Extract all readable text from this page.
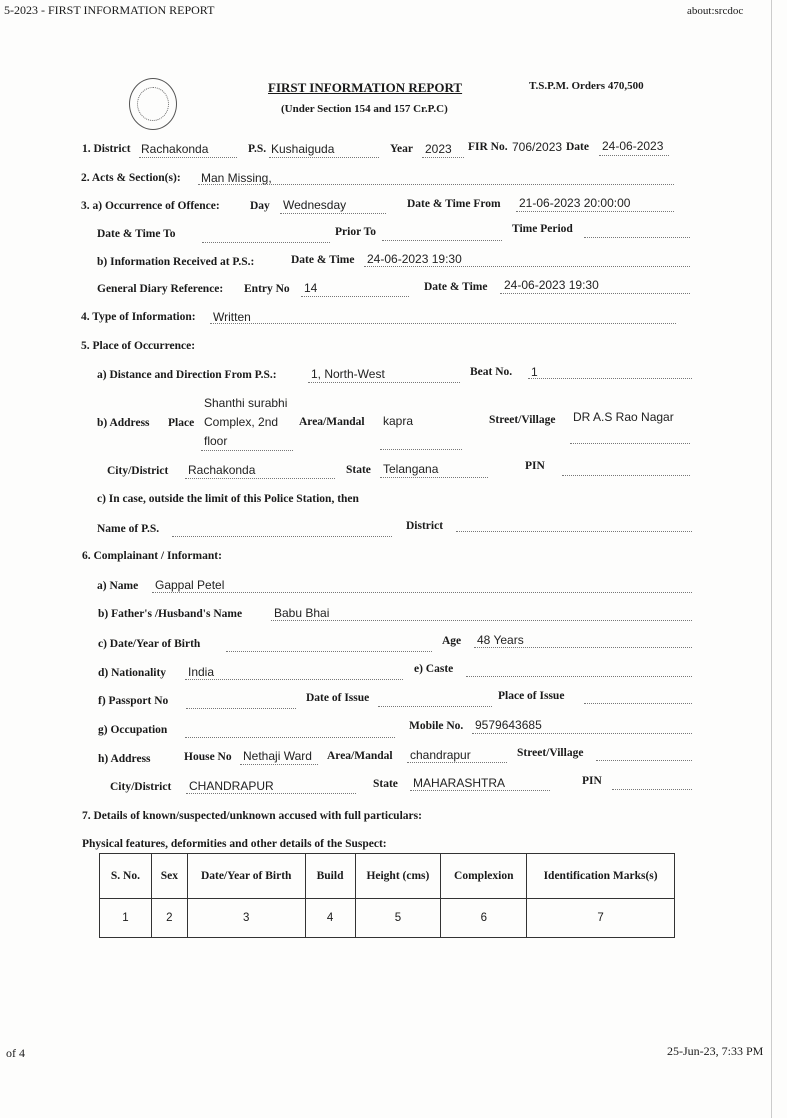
5-2023 - FIRST INFORMATION REPORT	about:srcdoc
of 4	25-Jun-23, 7:33 PM
FIRST INFORMATION REPORT
(Under Section 154 and 157 Cr.P.C)
T.S.P.M. Orders 470,500
1. District Rachakonda	P.S. Kushaiguda	Year 2023 FIR No. 706/2023 Date 24-06-2023
2. Acts & Section(s): Man Missing,
3. a) Occurrence of Offence:	Day Wednesday	Date & Time From 21-06-2023 20:00:00
Date & Time To	Prior To	Time Period
b) Information Received at P.S.:	Date & Time 24-06-2023 19:30
General Diary Reference: Entry No 14	Date & Time 24-06-2023 19:30
4. Type of Information: Written
5. Place of Occurrence:
a) Distance and Direction From P.S.:	1, North-West	Beat No. 1
Shanthi surabhi
b) Address Place Complex, 2nd
floor
Area/Mandal kapra	Street/Village DR A.S Rao Nagar
City/District Rachakonda	State Telangana	PIN
c) In case, outside the limit of this Police Station, then
Name of P.S.	District
6. Complainant / Informant:
a) Name Gappal Petel
b) Father's /Husband's Name	Babu Bhai
c) Date/Year of Birth	Age 48 Years
d) Nationality India	e) Caste
f) Passport No	Date of Issue	Place of Issue
g) Occupation	Mobile No. 9579643685
h) Address	House No Nethaji Ward Area/Mandal chandrapur	Street/Village
City/District CHANDRAPUR	State MAHARASHTRA	PIN
7. Details of known/suspected/unknown accused with full particulars:
Physical features, deformities and other details of the Suspect:
S. No.	Sex	Date/Year of Birth	Build	Height (cms)	Complexion	Identification Marks(s)
1	2	3	4	5	6	7
